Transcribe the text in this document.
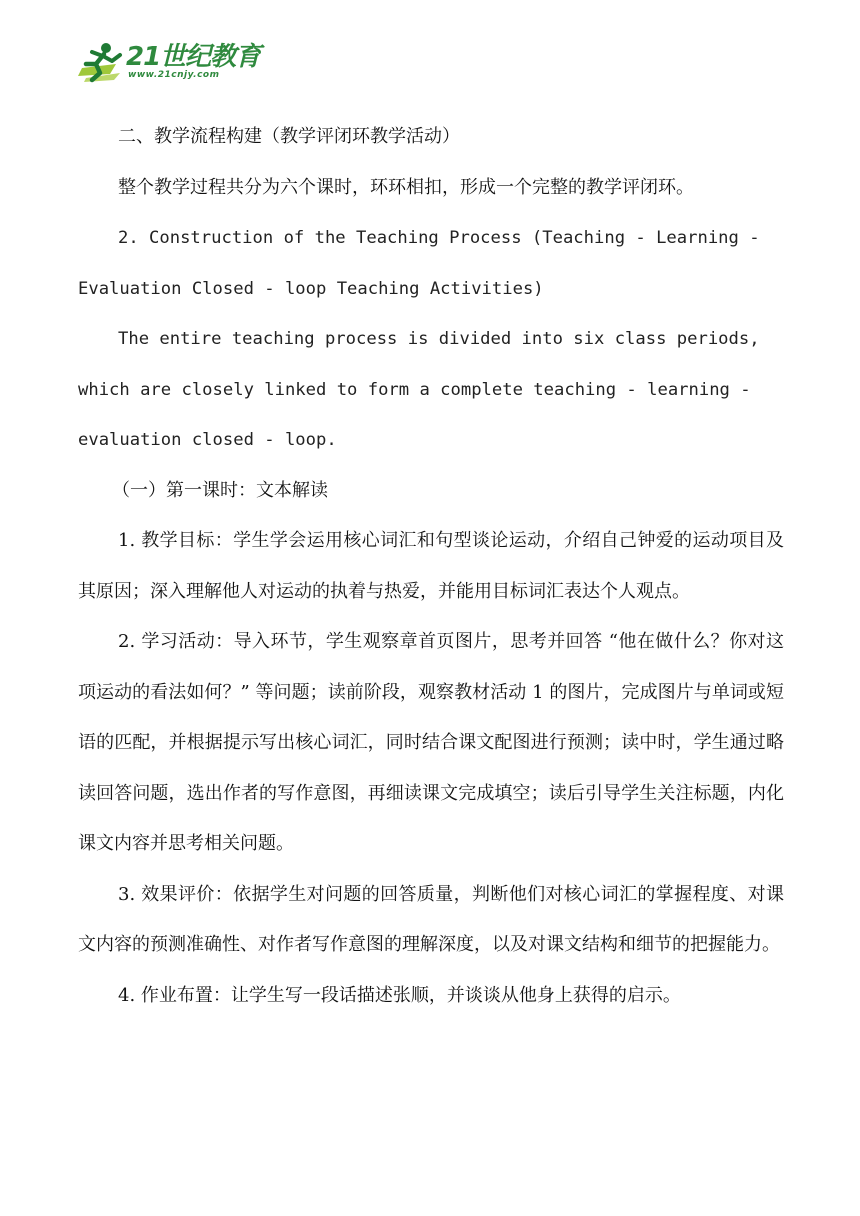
21世纪教育
www.21cnjy.com

二、教学流程构建（教学评闭环教学活动）

整个教学过程共分为六个课时，环环相扣，形成一个完整的教学评闭环。

2. Construction of the Teaching Process (Teaching - Learning - Evaluation Closed - loop Teaching Activities)

The entire teaching process is divided into six class periods, which are closely linked to form a complete teaching - learning - evaluation closed - loop.

（一）第一课时：文本解读

1. 教学目标：学生学会运用核心词汇和句型谈论运动，介绍自己钟爱的运动项目及其原因；深入理解他人对运动的执着与热爱，并能用目标词汇表达个人观点。

2. 学习活动：导入环节，学生观察章首页图片，思考并回答 “他在做什么？你对这项运动的看法如何？” 等问题；读前阶段，观察教材活动 1 的图片，完成图片与单词或短语的匹配，并根据提示写出核心词汇，同时结合课文配图进行预测；读中时，学生通过略读回答问题，选出作者的写作意图，再细读课文完成填空；读后引导学生关注标题，内化课文内容并思考相关问题。

3. 效果评价：依据学生对问题的回答质量，判断他们对核心词汇的掌握程度、对课文内容的预测准确性、对作者写作意图的理解深度，以及对课文结构和细节的把握能力。

4. 作业布置：让学生写一段话描述张顺，并谈谈从他身上获得的启示。
